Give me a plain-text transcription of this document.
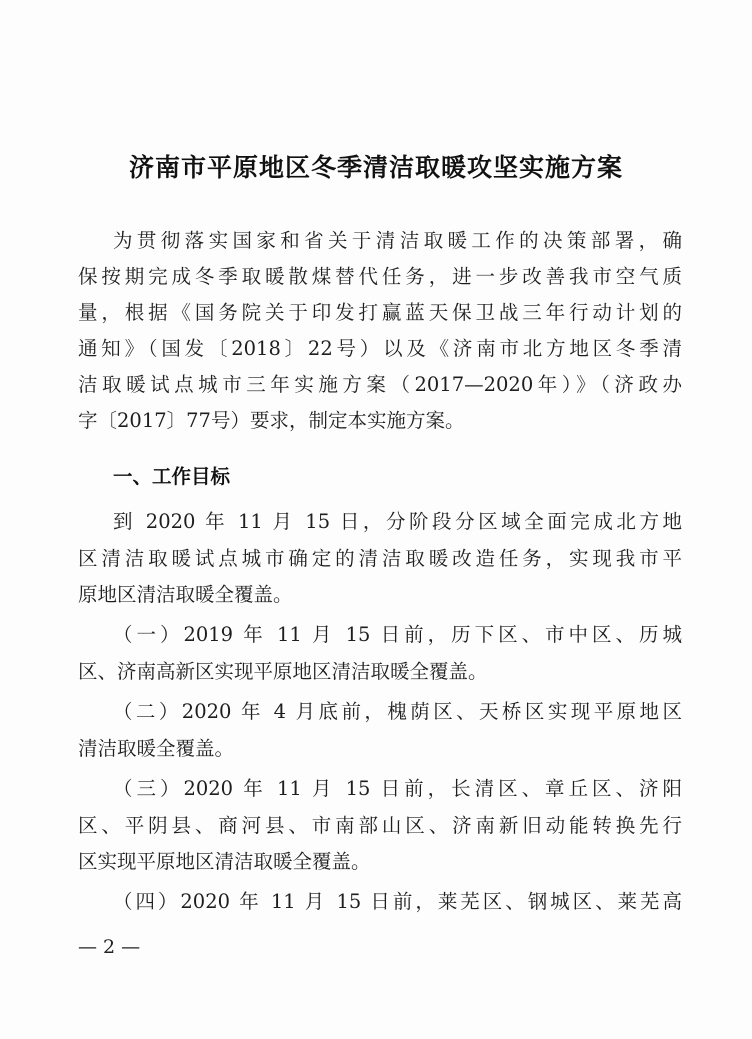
济南市平原地区冬季清洁取暖攻坚实施方案
为贯彻落实国家和省关于清洁取暖工作的决策部署，确
保按期完成冬季取暖散煤替代任务，进一步改善我市空气质
量，根据《国务院关于印发打赢蓝天保卫战三年行动计划的
通知》（国发〔2018〕22号）以及《济南市北方地区冬季清
洁取暖试点城市三年实施方案（2017—2020年）》（济政办
字〔2017〕77号）要求，制定本实施方案。
一、工作目标
到 2020 年 11 月 15 日，分阶段分区域全面完成北方地
区清洁取暖试点城市确定的清洁取暖改造任务，实现我市平
原地区清洁取暖全覆盖。
（一）2019 年 11 月 15 日前，历下区、市中区、历城
区、济南高新区实现平原地区清洁取暖全覆盖。
（二）2020 年 4 月底前，槐荫区、天桥区实现平原地区
清洁取暖全覆盖。
（三）2020 年 11 月 15 日前，长清区、章丘区、济阳
区、平阴县、商河县、市南部山区、济南新旧动能转换先行
区实现平原地区清洁取暖全覆盖。
（四）2020 年 11 月 15 日前，莱芜区、钢城区、莱芜高
— 2 —
